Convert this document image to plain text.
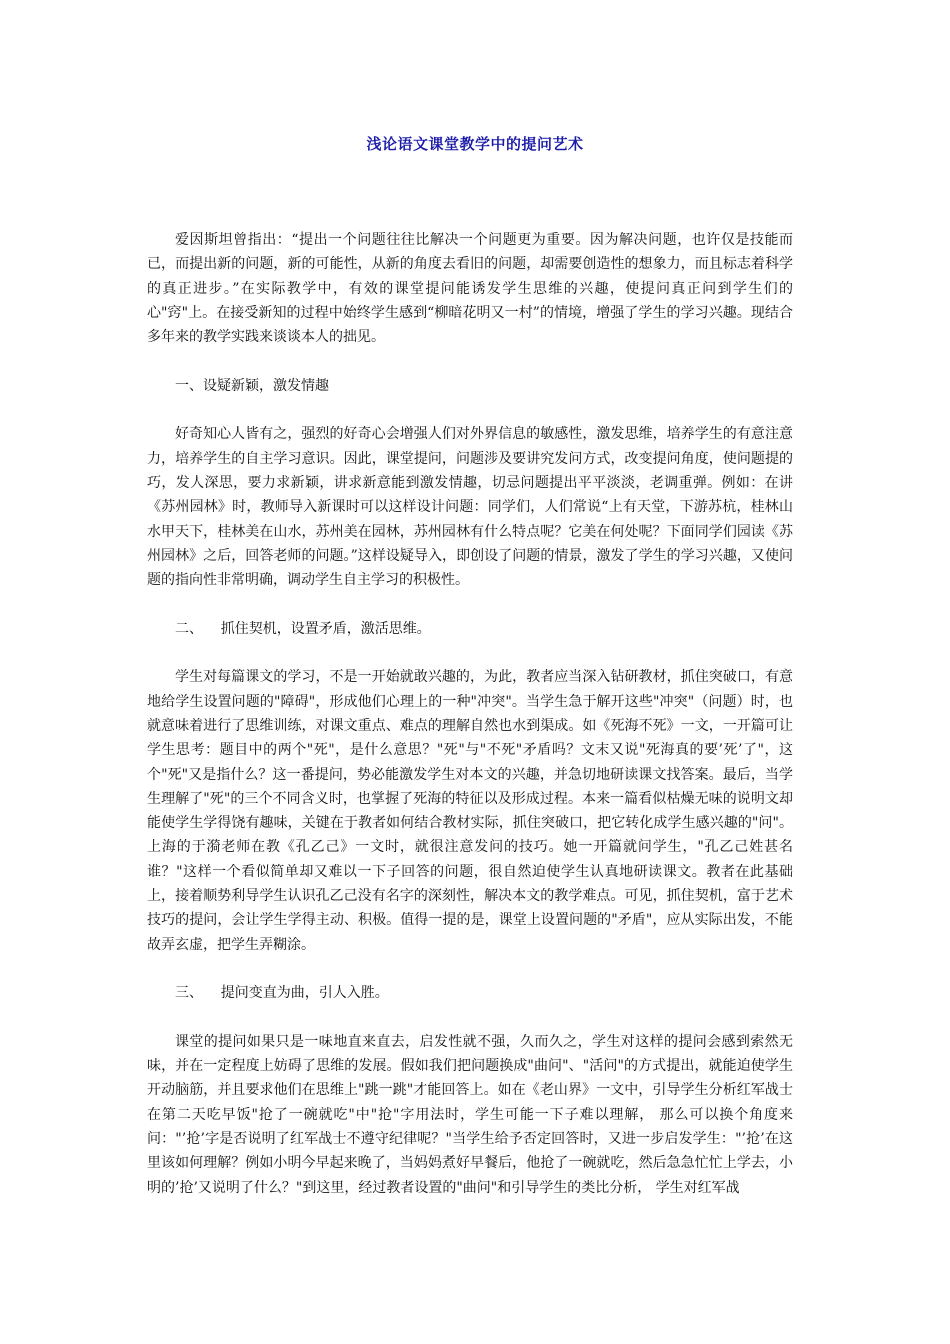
浅论语文课堂教学中的提问艺术

爱因斯坦曾指出：“提出一个问题往往比解决一个问题更为重要。因为解决问题，也许仅是技能而已，而提出新的问题，新的可能性，从新的角度去看旧的问题，却需要创造性的想象力，而且标志着科学的真正进步。”在实际教学中，有效的课堂提问能诱发学生思维的兴趣，使提问真正问到学生们的心"窍"上。在接受新知的过程中始终学生感到“柳暗花明又一村”的情境，增强了学生的学习兴趣。现结合多年来的教学实践来谈谈本人的拙见。

一、设疑新颖，激发情趣

好奇知心人皆有之，强烈的好奇心会增强人们对外界信息的敏感性，激发思维，培养学生的有意注意力，培养学生的自主学习意识。因此，课堂提问，问题涉及要讲究发问方式，改变提问角度，使问题提的巧，发人深思，要力求新颖，讲求新意能到激发情趣，切忌问题提出平平淡淡，老调重弹。例如：在讲《苏州园林》时，教师导入新课时可以这样设计问题：同学们，人们常说“上有天堂，下游苏杭，桂林山水甲天下，桂林美在山水，苏州美在园林，苏州园林有什么特点呢？它美在何处呢？下面同学们园读《苏州园林》之后，回答老师的问题。”这样设疑导入，即创设了问题的情景，激发了学生的学习兴趣，又使问题的指向性非常明确，调动学生自主学习的积极性。

二、    抓住契机，设置矛盾，激活思维。

学生对每篇课文的学习，不是一开始就敢兴趣的，为此，教者应当深入钻研教材，抓住突破口，有意地给学生设置问题的"障碍"，形成他们心理上的一种"冲突"。当学生急于解开这些"冲突"（问题）时，也就意味着进行了思维训练，对课文重点、难点的理解自然也水到渠成。如《死海不死》一文，一开篇可让学生思考：题目中的两个"死"，是什么意思？"死"与"不死"矛盾吗？文末又说"死海真的要’死’了"，这个"死"又是指什么？这一番提问，势必能激发学生对本文的兴趣，并急切地研读课文找答案。最后，当学生理解了"死"的三个不同含义时，也掌握了死海的特征以及形成过程。本来一篇看似枯燥无味的说明文却能使学生学得饶有趣味，关键在于教者如何结合教材实际，抓住突破口，把它转化成学生感兴趣的"问"。上海的于漪老师在教《孔乙己》一文时，就很注意发问的技巧。她一开篇就问学生，"孔乙己姓甚名谁？"这样一个看似简单却又难以一下子回答的问题，很自然迫使学生认真地研读课文。教者在此基础上，接着顺势利导学生认识孔乙己没有名字的深刻性，解决本文的教学难点。可见，抓住契机，富于艺术技巧的提问，会让学生学得主动、积极。值得一提的是，课堂上设置问题的"矛盾"，应从实际出发，不能故弄玄虚，把学生弄糊涂。

三、    提问变直为曲，引人入胜。

课堂的提问如果只是一味地直来直去，启发性就不强，久而久之，学生对这样的提问会感到索然无味，并在一定程度上妨碍了思维的发展。假如我们把问题换成"曲问"、"活问"的方式提出，就能迫使学生开动脑筋，并且要求他们在思维上"跳一跳"才能回答上。如在《老山界》一文中，引导学生分析红军战士在第二天吃早饭"抢了一碗就吃"中"抢"字用法时，学生可能一下子难以理解， 那么可以换个角度来问："’抢’字是否说明了红军战士不遵守纪律呢？"当学生给予否定回答时，又进一步启发学生："’抢’在这里该如何理解？例如小明今早起来晚了，当妈妈煮好早餐后，他抢了一碗就吃，然后急急忙忙上学去，小明的’抢’又说明了什么？"到这里，经过教者设置的"曲问"和引导学生的类比分析， 学生对红军战
